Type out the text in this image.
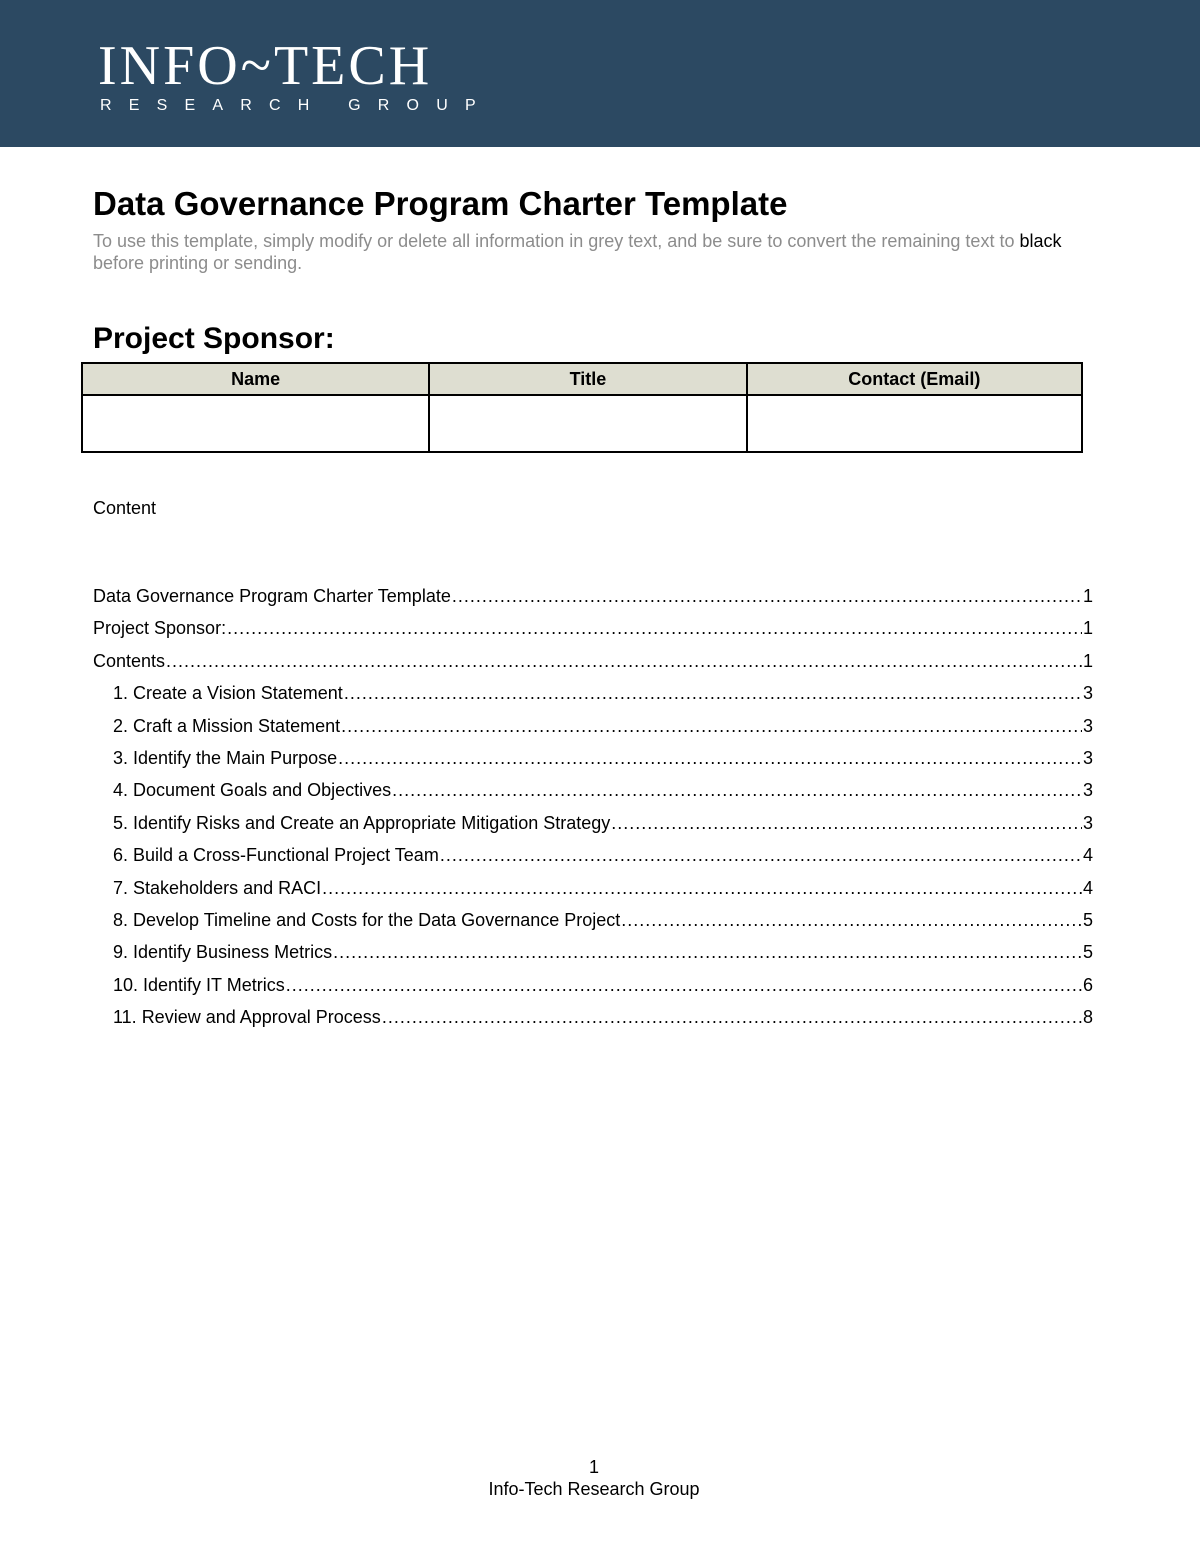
INFO~TECH
RESEARCH GROUP
Data Governance Program Charter Template
To use this template, simply modify or delete all information in grey text, and be sure to convert the remaining text to black before printing or sending.
Project Sponsor:
Name	Title	Contact (Email)

Content
Data Governance Program Charter Template .....	1
Project Sponsor: .....	1
Contents .....	1
1. Create a Vision Statement .....	3
2. Craft a Mission Statement .....	3
3. Identify the Main Purpose .....	3
4. Document Goals and Objectives .....	3
5. Identify Risks and Create an Appropriate Mitigation Strategy .....	3
6. Build a Cross-Functional Project Team .....	4
7. Stakeholders and RACI .....	4
8. Develop Timeline and Costs for the Data Governance Project .....	5
9. Identify Business Metrics .....	5
10. Identify IT Metrics .....	6
11. Review and Approval Process .....	8
1
Info-Tech Research Group
